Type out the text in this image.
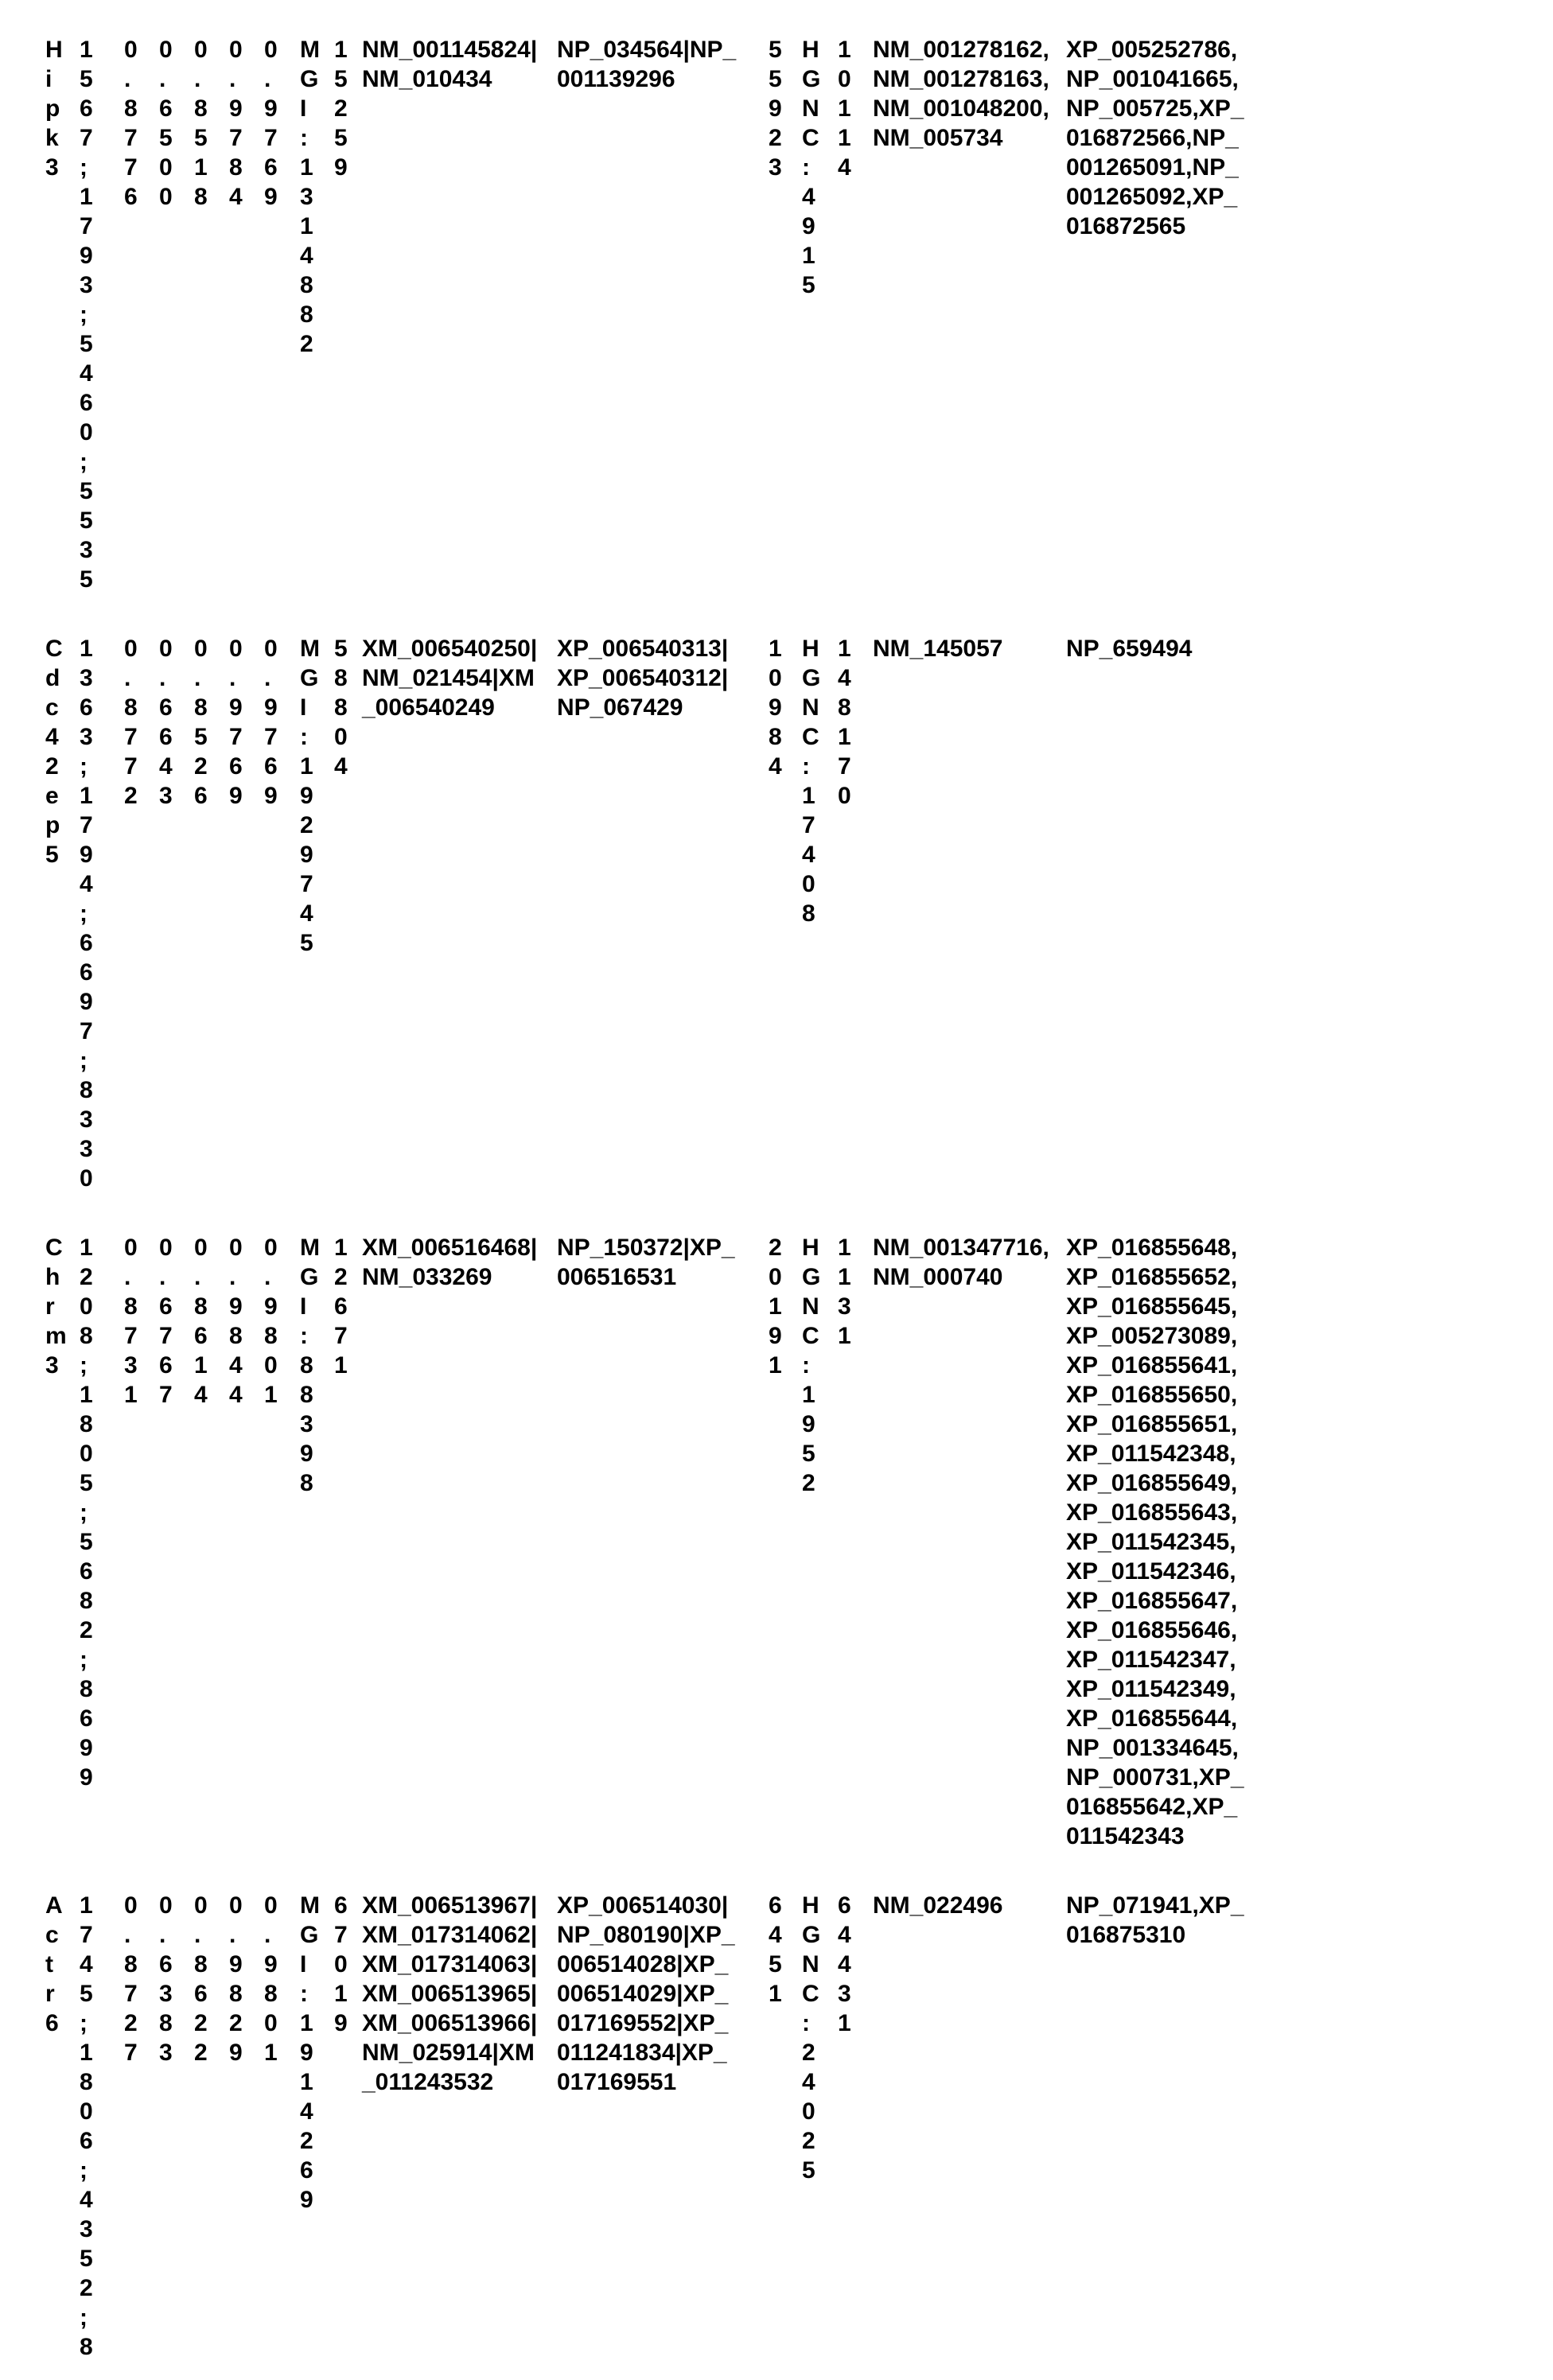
H
i
p
k
3
1
5
6
7
;
1
7
9
3
;
5
4
6
0
;
5
5
3
5
0
.
8
7
7
6
0
.
6
5
0
0
0
.
8
5
1
8
0
.
9
7
8
4
0
.
9
7
6
9
M
G
I
:
1
3
1
4
8
8
2
1
5
2
5
9
NM_001145824|
NM_010434
NP_034564|NP_
001139296
5
5
9
2
3
H
G
N
C
:
4
9
1
5
1
0
1
1
4
NM_001278162,
NM_001278163,
NM_001048200,
NM_005734
XP_005252786,
NP_001041665,
NP_005725,XP_
016872566,NP_
001265091,NP_
001265092,XP_
016872565
C
d
c
4
2
e
p
5
1
3
6
3
;
1
7
9
4
;
6
6
9
7
;
8
3
3
0
0
.
8
7
7
2
0
.
6
6
4
3
0
.
8
5
2
6
0
.
9
7
6
9
0
.
9
7
6
9
M
G
I
:
1
9
2
9
7
4
5
5
8
8
0
4
XM_006540250|
NM_021454|XM
_006540249
XP_006540313|
XP_006540312|
NP_067429
1
0
9
8
4
H
G
N
C
:
1
7
4
0
8
1
4
8
1
7
0
NM_145057	NP_659494
C
h
r
m
3
1
2
0
8
;
1
8
0
5
;
5
6
8
2
;
8
6
9
9
0
.
8
7
3
1
0
.
6
7
6
7
0
.
8
6
1
4
0
.
9
8
4
4
0
.
9
8
0
1
M
G
I
:
8
8
3
9
8
1
2
6
7
1
XM_006516468|
NM_033269
NP_150372|XP_
006516531
2
0
1
9
1
H
G
N
C
:
1
9
5
2
1
1
3
1
NM_001347716,
NM_000740
XP_016855648,
XP_016855652,
XP_016855645,
XP_005273089,
XP_016855641,
XP_016855650,
XP_016855651,
XP_011542348,
XP_016855649,
XP_016855643,
XP_011542345,
XP_011542346,
XP_016855647,
XP_016855646,
XP_011542347,
XP_011542349,
XP_016855644,
NP_001334645,
NP_000731,XP_
016855642,XP_
011542343
A
c
t
r
6
1
7
4
5
;
1
8
0
6
;
4
3
5
2
;
8
0
.
8
7
2
7
0
.
6
3
8
3
0
.
8
6
2
2
0
.
9
8
2
9
0
.
9
8
0
1
M
G
I
:
1
9
1
4
2
6
9
6
7
0
1
9
XM_006513967|
XM_017314062|
XM_017314063|
XM_006513965|
XM_006513966|
NM_025914|XM
_011243532
XP_006514030|
NP_080190|XP_
006514028|XP_
006514029|XP_
017169552|XP_
011241834|XP_
017169551
6
4
5
1
H
G
N
C
:
2
4
0
2
5
6
4
4
3
1
NM_022496	NP_071941,XP_
016875310
